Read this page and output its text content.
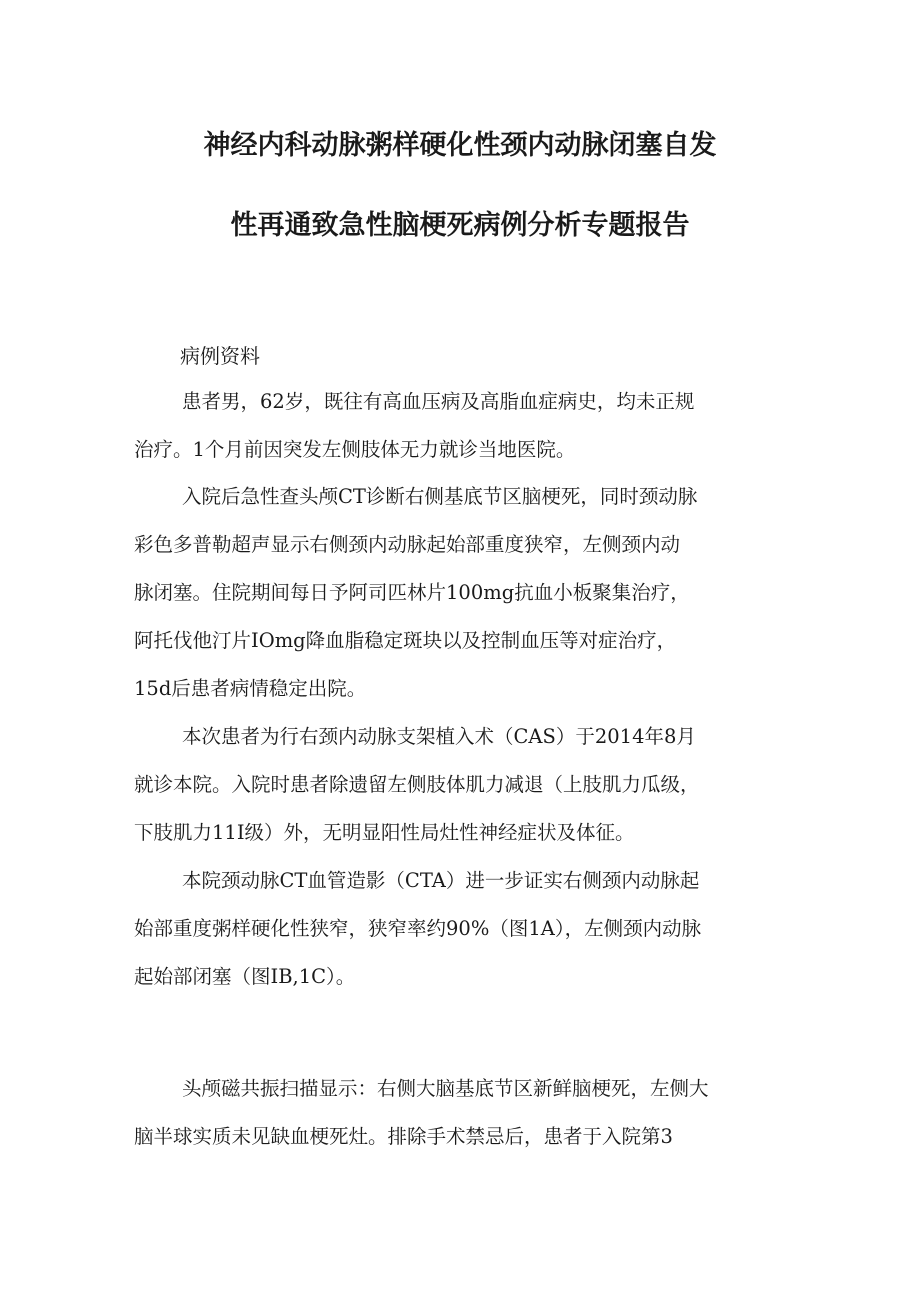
神经内科动脉粥样硬化性颈内动脉闭塞自发
性再通致急性脑梗死病例分析专题报告
病例资料
患者男，62岁，既往有高血压病及高脂血症病史，均未正规
治疗。1个月前因突发左侧肢体无力就诊当地医院。
入院后急性查头颅CT诊断右侧基底节区脑梗死，同时颈动脉
彩色多普勒超声显示右侧颈内动脉起始部重度狭窄，左侧颈内动
脉闭塞。住院期间每日予阿司匹林片100mg抗血小板聚集治疗，
阿托伐他汀片IOmg降血脂稳定斑块以及控制血压等对症治疗，
15d后患者病情稳定出院。
本次患者为行右颈内动脉支架植入术（CAS）于2014年8月
就诊本院。入院时患者除遗留左侧肢体肌力减退（上肢肌力瓜级，
下肢肌力11I级）外，无明显阳性局灶性神经症状及体征。
本院颈动脉CT血管造影（CTA）进一步证实右侧颈内动脉起
始部重度粥样硬化性狭窄，狭窄率约90%（图1A），左侧颈内动脉
起始部闭塞（图IB,1C）。
头颅磁共振扫描显示：右侧大脑基底节区新鲜脑梗死，左侧大
脑半球实质未见缺血梗死灶。排除手术禁忌后，患者于入院第3
